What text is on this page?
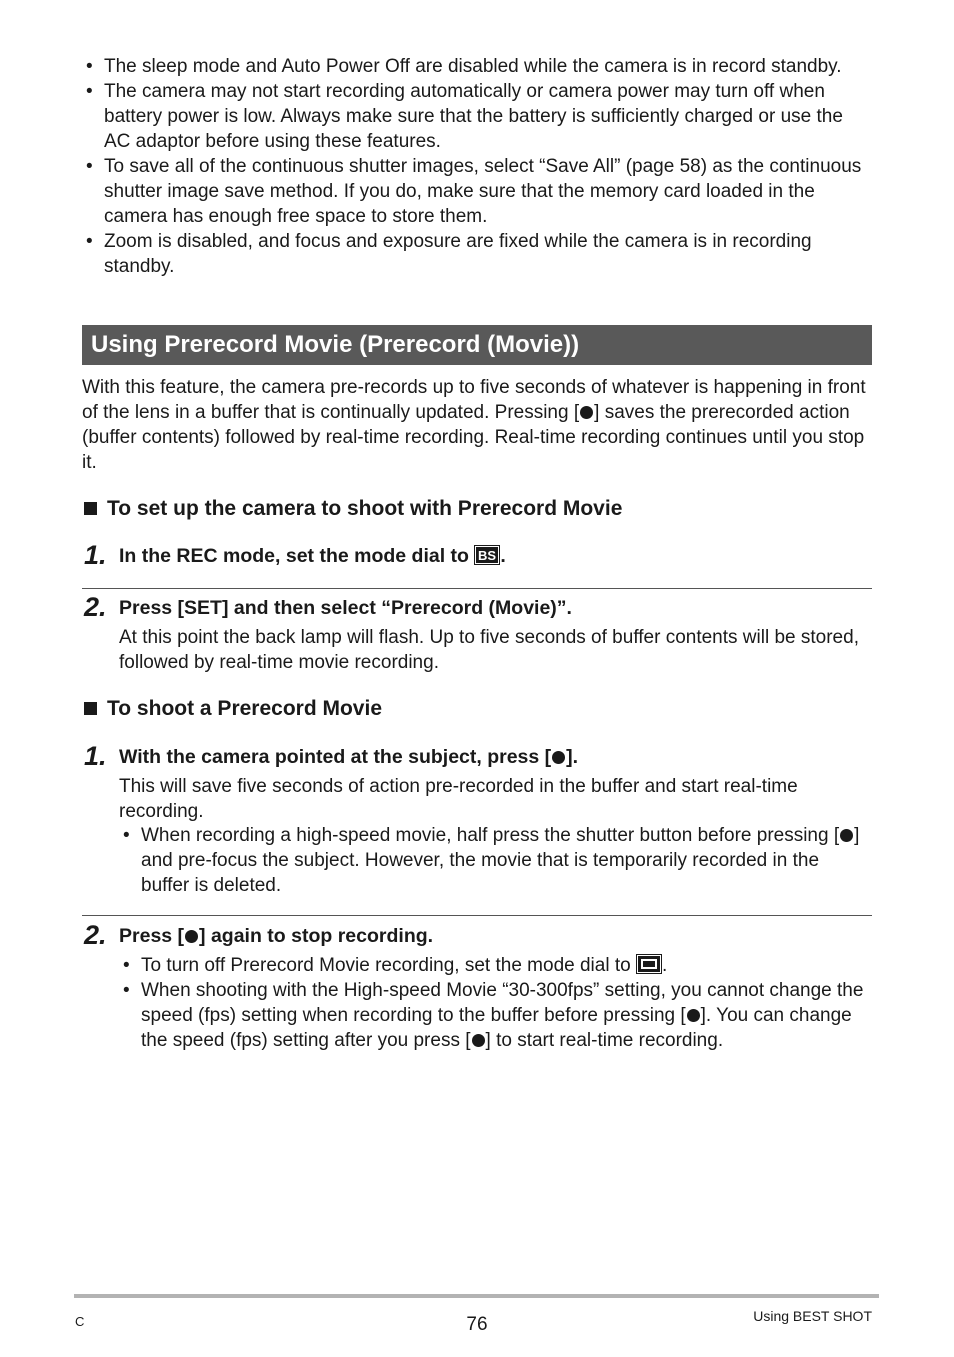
• The sleep mode and Auto Power Off are disabled while the camera is in record standby.
• The camera may not start recording automatically or camera power may turn off when battery power is low. Always make sure that the battery is sufficiently charged or use the AC adaptor before using these features.
• To save all of the continuous shutter images, select “Save All” (page 58) as the continuous shutter image save method. If you do, make sure that the memory card loaded in the camera has enough free space to store them.
• Zoom is disabled, and focus and exposure are fixed while the camera is in recording standby.
Using Prerecord Movie (Prerecord (Movie))
With this feature, the camera pre-records up to five seconds of whatever is happening in front of the lens in a buffer that is continually updated. Pressing [ ] saves the prerecorded action (buffer contents) followed by real-time recording. Real-time recording continues until you stop it.
To set up the camera to shoot with Prerecord Movie
1. In the REC mode, set the mode dial to BS .
2. Press [SET] and then select “Prerecord (Movie)”.
At this point the back lamp will flash. Up to five seconds of buffer contents will be stored, followed by real-time movie recording.
To shoot a Prerecord Movie
1. With the camera pointed at the subject, press [ ].
This will save five seconds of action pre-recorded in the buffer and start real-time recording.
• When recording a high-speed movie, half press the shutter button before pressing [ ] and pre-focus the subject. However, the movie that is temporarily recorded in the buffer is deleted.
2. Press [ ] again to stop recording.
• To turn off Prerecord Movie recording, set the mode dial to .
• When shooting with the High-speed Movie “30-300fps” setting, you cannot change the speed (fps) setting when recording to the buffer before pressing [ ]. You can change the speed (fps) setting after you press [ ] to start real-time recording.
C	76	Using BEST SHOT
